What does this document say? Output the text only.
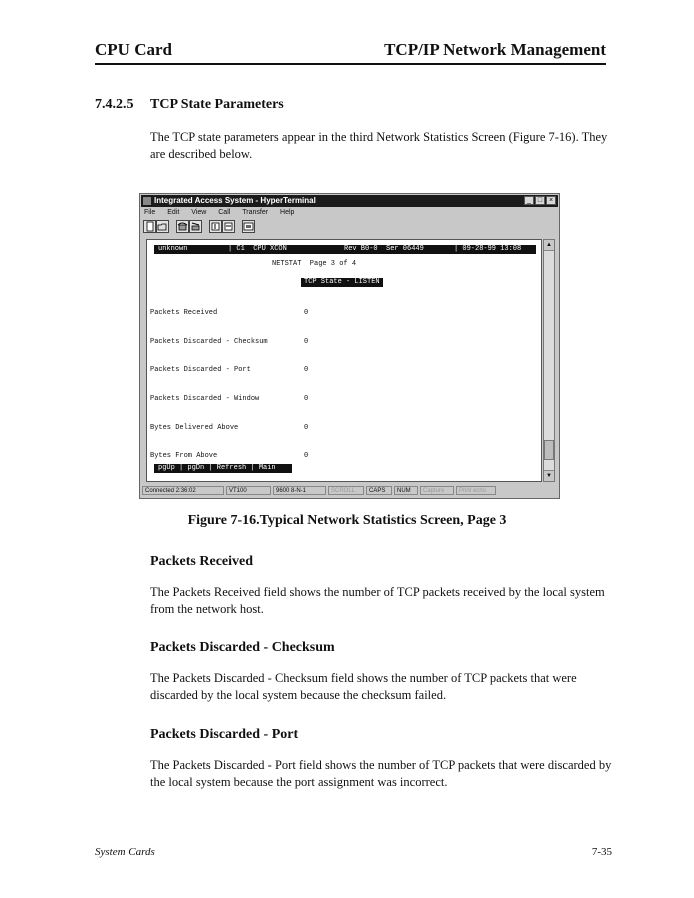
CPU Card	TCP/IP Network Management
7.4.2.5 TCP State Parameters
The TCP state parameters appear in the third Network Statistics Screen (Figure 7-16). They are described below.
Integrated Access System - HyperTerminal	_ □ ×
File Edit View Call Transfer Help

unknown

	| C1  CPU XCON

	Rev B0-0  Ser 06449

	| 09-28-99 13:08

NETSTAT  Page 3 of 4

TCP State - LISTEN

Packets Received	0

Packets Discarded - Checksum	0

Packets Discarded - Port	0

Packets Discarded - Window	0

Bytes Delivered Above	0

Bytes From Above	0

pgUp | pgDn | Refresh | Main

▲
▼
Connected 2:36:02	VT100	9600 8-N-1	SCROLL	CAPS	NUM	Capture	Print echo
Figure 7-16.Typical Network Statistics Screen, Page 3
Packets Received
The Packets Received field shows the number of TCP packets received by the local system from the network host.
Packets Discarded - Checksum
The Packets Discarded - Checksum field shows the number of TCP packets that were discarded by the local system because the checksum failed.
Packets Discarded - Port
The Packets Discarded - Port field shows the number of TCP packets that were discarded by the local system because the port assignment was incorrect.
System Cards	7-35
